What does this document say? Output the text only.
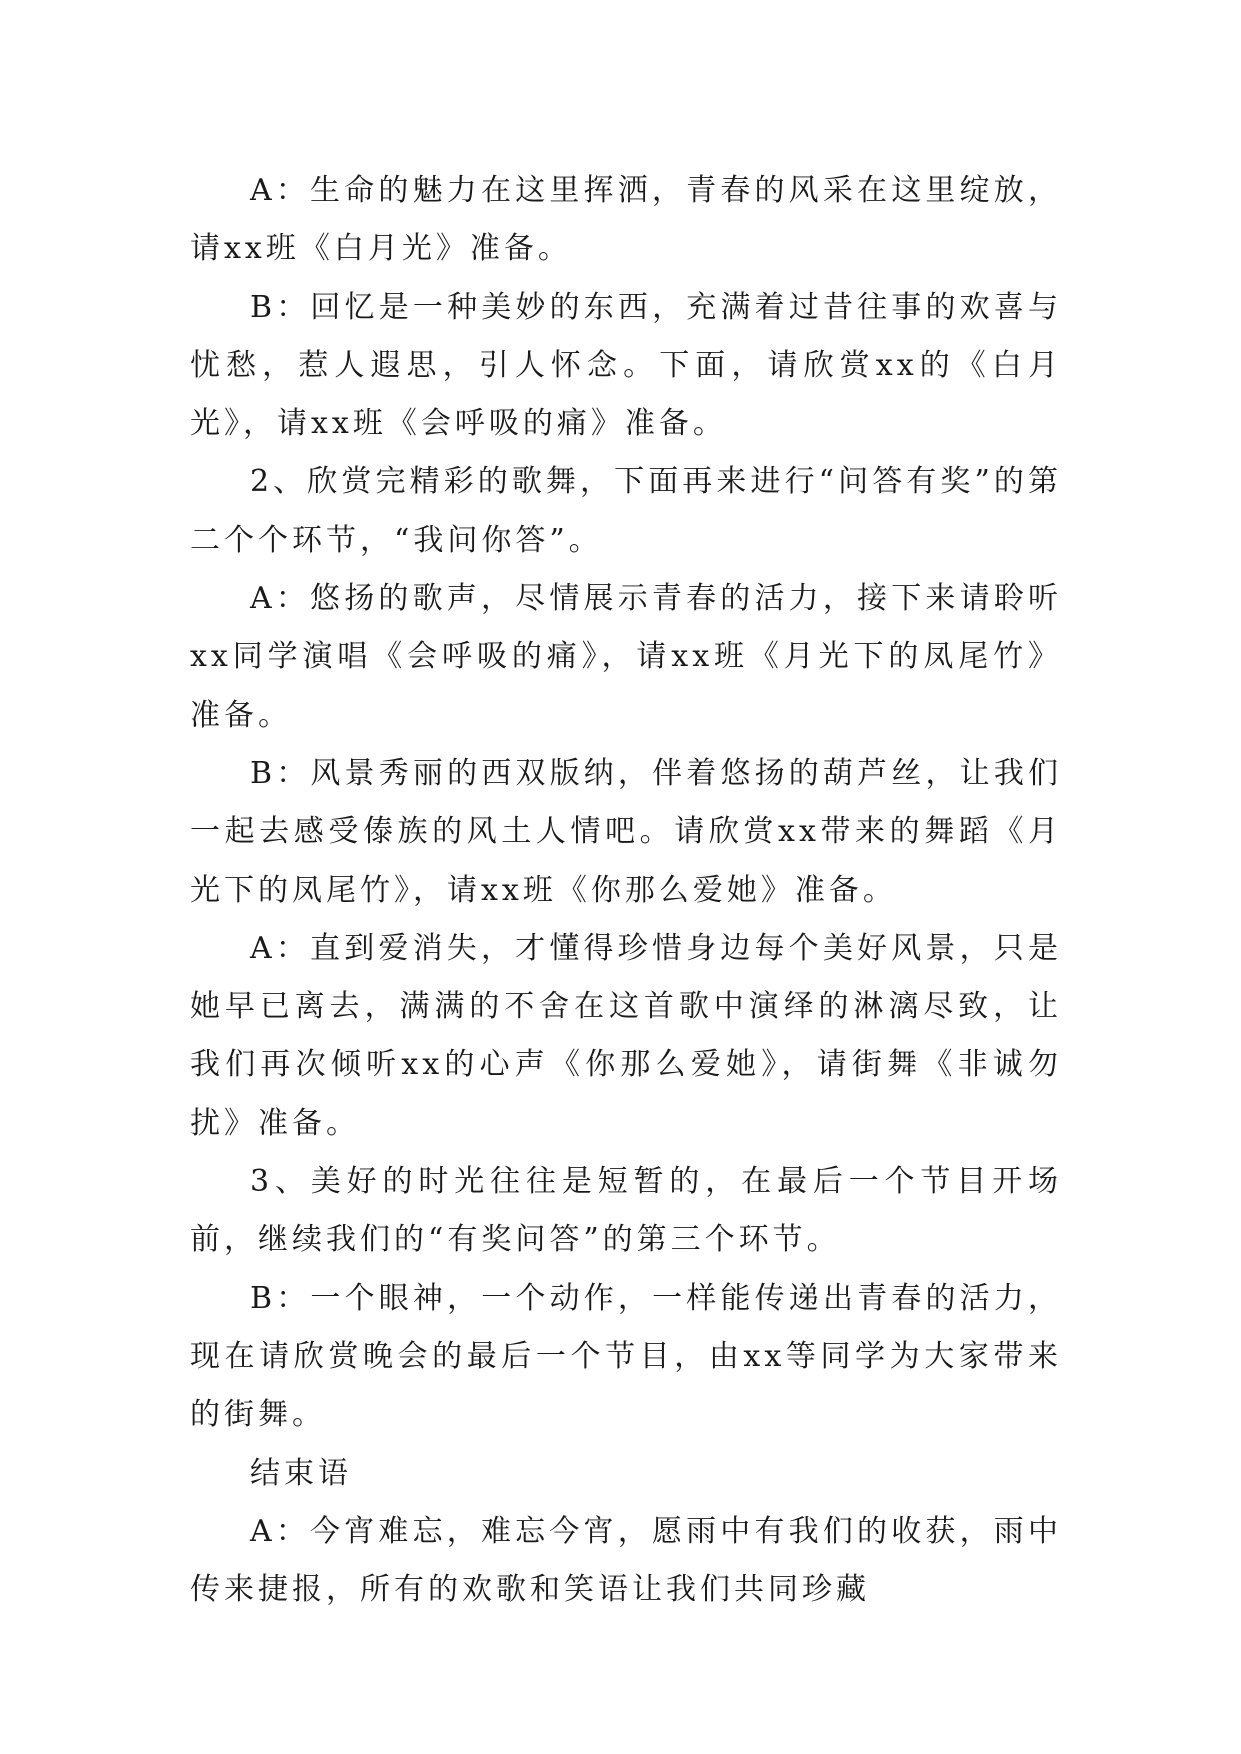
A：生命的魅力在这里挥洒，青春的风采在这里绽放，请xx班《白月光》准备。

B：回忆是一种美妙的东西，充满着过昔往事的欢喜与忧愁，惹人遐思，引人怀念。下面，请欣赏xx的《白月光》，请xx班《会呼吸的痛》准备。

2、欣赏完精彩的歌舞，下面再来进行“问答有奖”的第二个个环节，“我问你答”。

A：悠扬的歌声，尽情展示青春的活力，接下来请聆听xx同学演唱《会呼吸的痛》，请xx班《月光下的凤尾竹》准备。

B：风景秀丽的西双版纳，伴着悠扬的葫芦丝，让我们一起去感受傣族的风土人情吧。请欣赏xx带来的舞蹈《月光下的凤尾竹》，请xx班《你那么爱她》准备。

A：直到爱消失，才懂得珍惜身边每个美好风景，只是她早已离去，满满的不舍在这首歌中演绎的淋漓尽致，让我们再次倾听xx的心声《你那么爱她》，请街舞《非诚勿扰》准备。

3、美好的时光往往是短暂的，在最后一个节目开场前，继续我们的“有奖问答”的第三个环节。

B：一个眼神，一个动作，一样能传递出青春的活力，现在请欣赏晚会的最后一个节目，由xx等同学为大家带来的街舞。

结束语

A：今宵难忘，难忘今宵，愿雨中有我们的收获，雨中传来捷报，所有的欢歌和笑语让我们共同珍藏
